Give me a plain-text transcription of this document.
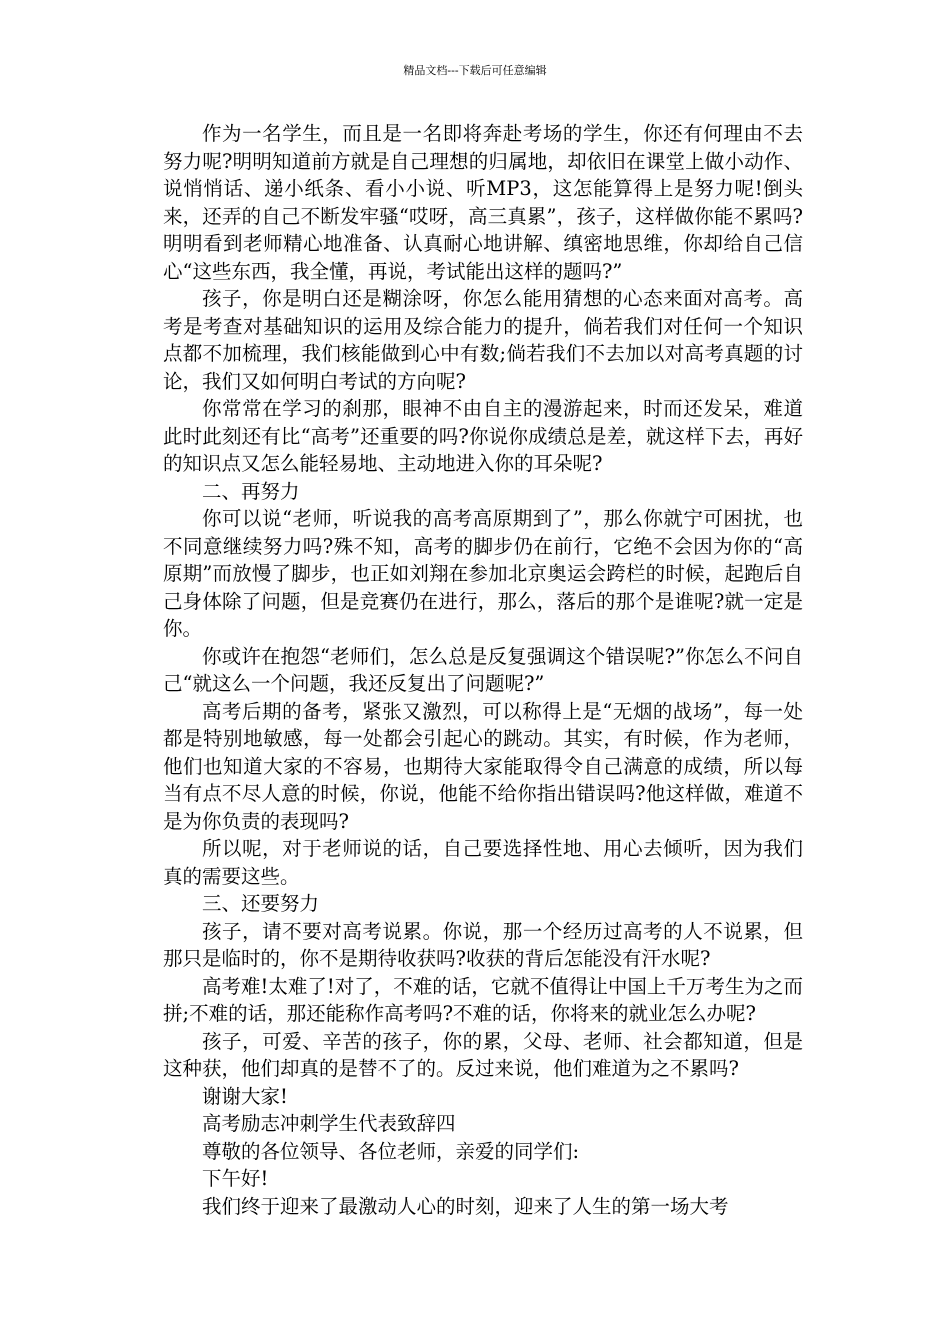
精品文档---下载后可任意编辑

作为一名学生，而且是一名即将奔赴考场的学生，你还有何理由不去努力呢?明明知道前方就是自己理想的归属地，却依旧在课堂上做小动作、说悄悄话、递小纸条、看小小说、听MP3，这怎能算得上是努力呢!倒头来，还弄的自己不断发牢骚“哎呀，高三真累”，孩子，这样做你能不累吗?明明看到老师精心地准备、认真耐心地讲解、缜密地思维，你却给自己信心“这些东西，我全懂，再说，考试能出这样的题吗?”

孩子，你是明白还是糊涂呀，你怎么能用猜想的心态来面对高考。高考是考查对基础知识的运用及综合能力的提升，倘若我们对任何一个知识点都不加梳理，我们核能做到心中有数;倘若我们不去加以对高考真题的讨论，我们又如何明白考试的方向呢?

你常常在学习的刹那，眼神不由自主的漫游起来，时而还发呆，难道此时此刻还有比“高考”还重要的吗?你说你成绩总是差，就这样下去，再好的知识点又怎么能轻易地、主动地进入你的耳朵呢?

二、再努力

你可以说“老师，听说我的高考高原期到了”，那么你就宁可困扰，也不同意继续努力吗?殊不知，高考的脚步仍在前行，它绝不会因为你的“高原期”而放慢了脚步，也正如刘翔在参加北京奥运会跨栏的时候，起跑后自己身体除了问题，但是竞赛仍在进行，那么，落后的那个是谁呢?就一定是你。

你或许在抱怨“老师们，怎么总是反复强调这个错误呢?”你怎么不问自己“就这么一个问题，我还反复出了问题呢?”

高考后期的备考，紧张又激烈，可以称得上是“无烟的战场”，每一处都是特别地敏感，每一处都会引起心的跳动。其实，有时候，作为老师，他们也知道大家的不容易，也期待大家能取得令自己满意的成绩，所以每当有点不尽人意的时候，你说，他能不给你指出错误吗?他这样做，难道不是为你负责的表现吗?

所以呢，对于老师说的话，自己要选择性地、用心去倾听，因为我们真的需要这些。

三、还要努力

孩子，请不要对高考说累。你说，那一个经历过高考的人不说累，但那只是临时的，你不是期待收获吗?收获的背后怎能没有汗水呢?

高考难!太难了!对了，不难的话，它就不值得让中国上千万考生为之而拼;不难的话，那还能称作高考吗?不难的话，你将来的就业怎么办呢?

孩子，可爱、辛苦的孩子，你的累，父母、老师、社会都知道，但是这种获，他们却真的是替不了的。反过来说，他们难道为之不累吗?

谢谢大家!

高考励志冲刺学生代表致辞四

尊敬的各位领导、各位老师，亲爱的同学们:

下午好!

我们终于迎来了最激动人心的时刻，迎来了人生的第一场大考
